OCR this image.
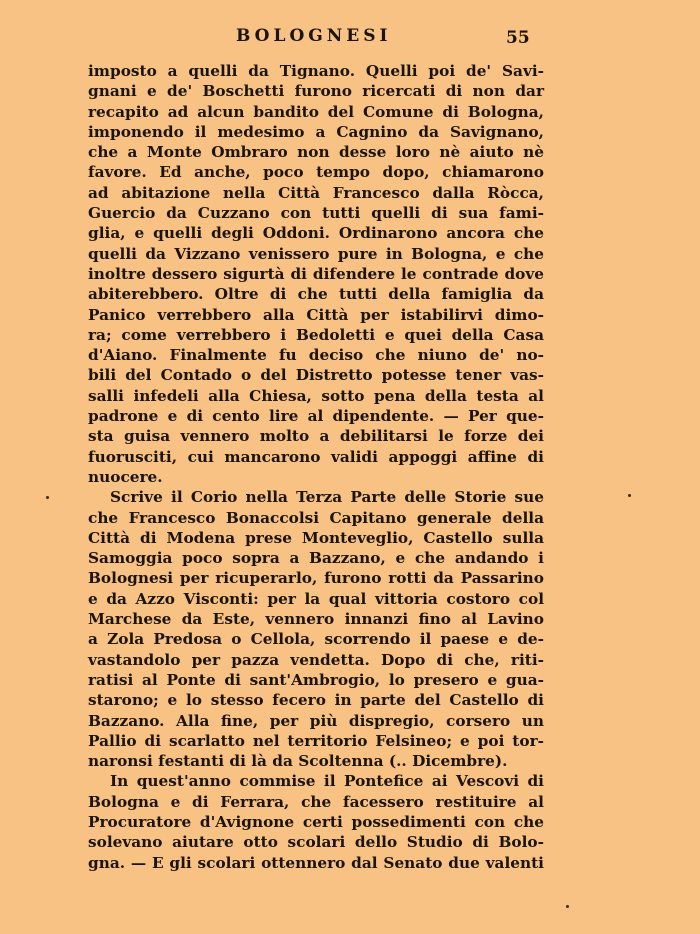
BOLOGNESI	55
imposto a quelli da Tignano. Quelli poi de' Savi-
gnani e de' Boschetti furono ricercati di non dar
recapito ad alcun bandito del Comune di Bologna,
imponendo il medesimo a Cagnino da Savignano,
che a Monte Ombraro non desse loro nè aiuto nè
favore. Ed anche, poco tempo dopo, chiamarono
ad abitazione nella Città Francesco dalla Ròcca,
Guercio da Cuzzano con tutti quelli di sua fami-
glia, e quelli degli Oddoni. Ordinarono ancora che
quelli da Vizzano venissero pure in Bologna, e che
inoltre dessero sigurtà di difendere le contrade dove
abiterebbero. Oltre di che tutti della famiglia da
Panico verrebbero alla Città per istabilirvi dimo-
ra; come verrebbero i Bedoletti e quei della Casa
d'Aiano. Finalmente fu deciso che niuno de' no-
bili del Contado o del Distretto potesse tener vas-
salli infedeli alla Chiesa, sotto pena della testa al
padrone e di cento lire al dipendente. — Per que-
sta guisa vennero molto a debilitarsi le forze dei
fuorusciti, cui mancarono validi appoggi affine di
nuocere.
Scrive il Corio nella Terza Parte delle Storie sue
che Francesco Bonaccolsi Capitano generale della
Città di Modena prese Monteveglio, Castello sulla
Samoggia poco sopra a Bazzano, e che andando i
Bolognesi per ricuperarlo, furono rotti da Passarino
e da Azzo Visconti: per la qual vittoria costoro col
Marchese da Este, vennero innanzi fino al Lavino
a Zola Predosa o Cellola, scorrendo il paese e de-
vastandolo per pazza vendetta. Dopo di che, riti-
ratisi al Ponte di sant'Ambrogio, lo presero e gua-
starono; e lo stesso fecero in parte del Castello di
Bazzano. Alla fine, per più dispregio, corsero un
Pallio di scarlatto nel territorio Felsineo; e poi tor-
naronsi festanti di là da Scoltenna (.. Dicembre).
In quest'anno commise il Pontefice ai Vescovi di
Bologna e di Ferrara, che facessero restituire al
Procuratore d'Avignone certi possedimenti con che
solevano aiutare otto scolari dello Studio di Bolo-
gna. — E gli scolari ottennero dal Senato due valenti
